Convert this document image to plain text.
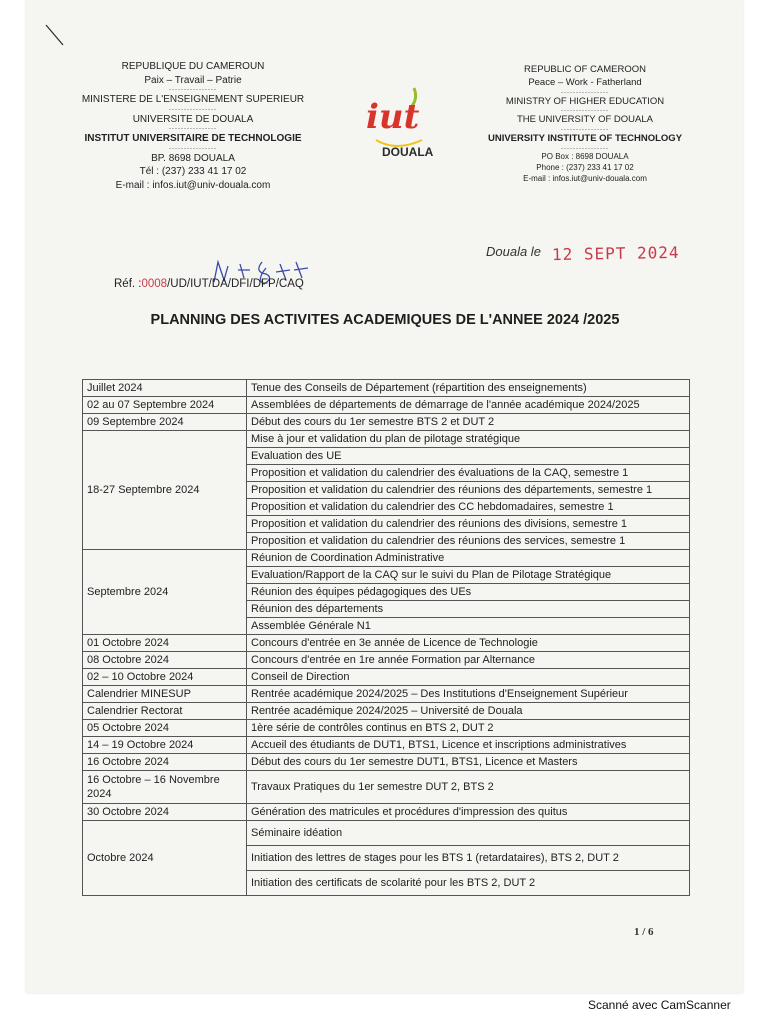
REPUBLIQUE DU CAMEROUN
Paix – Travail – Patrie
----------------
MINISTERE DE L'ENSEIGNEMENT SUPERIEUR
----------------
UNIVERSITE DE DOUALA
----------------
INSTITUT UNIVERSITAIRE DE TECHNOLOGIE
----------------
BP. 8698 DOUALA
Tél : (237) 233 41 17 02
E-mail : infos.iut@univ-douala.com
iut
DOUALA
REPUBLIC OF CAMEROON
Peace – Work - Fatherland
----------------
MINISTRY OF HIGHER EDUCATION
----------------
THE UNIVERSITY OF DOUALA
----------------
UNIVERSITY INSTITUTE OF TECHNOLOGY
----------------
PO Box : 8698 DOUALA
Phone : (237) 233 41 17 02
E-mail : infos.iut@univ-douala.com
Douala le 12 SEPT 2024
Réf. :0008/UD/IUT/DA/DFI/DFP/CAQ
PLANNING DES ACTIVITES ACADEMIQUES DE L'ANNEE 2024 /2025
Juillet 2024	Tenue des Conseils de Département (répartition des enseignements)
02 au 07 Septembre 2024	Assemblées de départements de démarrage de l'année académique 2024/2025
09 Septembre 2024	Début des cours du 1er semestre BTS 2 et DUT 2
18-27 Septembre 2024	Mise à jour et validation du plan de pilotage stratégique
	Evaluation des UE
	Proposition et validation du calendrier des évaluations de la CAQ, semestre 1
	Proposition et validation du calendrier des réunions des départements, semestre 1
	Proposition et validation du calendrier des CC hebdomadaires, semestre 1
	Proposition et validation du calendrier des réunions des divisions, semestre 1
	Proposition et validation du calendrier des réunions des services, semestre 1
Septembre 2024	Réunion de Coordination Administrative
	Evaluation/Rapport de la CAQ sur le suivi du Plan de Pilotage Stratégique
	Réunion des équipes pédagogiques des UEs
	Réunion des départements
	Assemblée Générale N1
01 Octobre 2024	Concours d'entrée en 3e année de Licence de Technologie
08 Octobre 2024	Concours d'entrée en 1re année Formation par Alternance
02 – 10 Octobre 2024	Conseil de Direction
Calendrier MINESUP	Rentrée académique 2024/2025 – Des Institutions d'Enseignement Supérieur
Calendrier Rectorat	Rentrée académique 2024/2025 – Université de Douala
05 Octobre 2024	1ère série de contrôles continus en BTS 2, DUT 2
14 – 19 Octobre 2024	Accueil des étudiants de DUT1, BTS1, Licence et inscriptions administratives
16 Octobre 2024	Début des cours du 1er semestre DUT1, BTS1, Licence et Masters
16 Octobre – 16 Novembre 2024	Travaux Pratiques du 1er semestre DUT 2, BTS 2
30 Octobre 2024	Génération des matricules et procédures d'impression des quitus
Octobre 2024	Séminaire idéation
	Initiation des lettres de stages pour les BTS 1 (retardataires), BTS 2, DUT 2
	Initiation des certificats de scolarité pour les BTS 2, DUT 2
1 / 6
Scanné avec CamScanner
